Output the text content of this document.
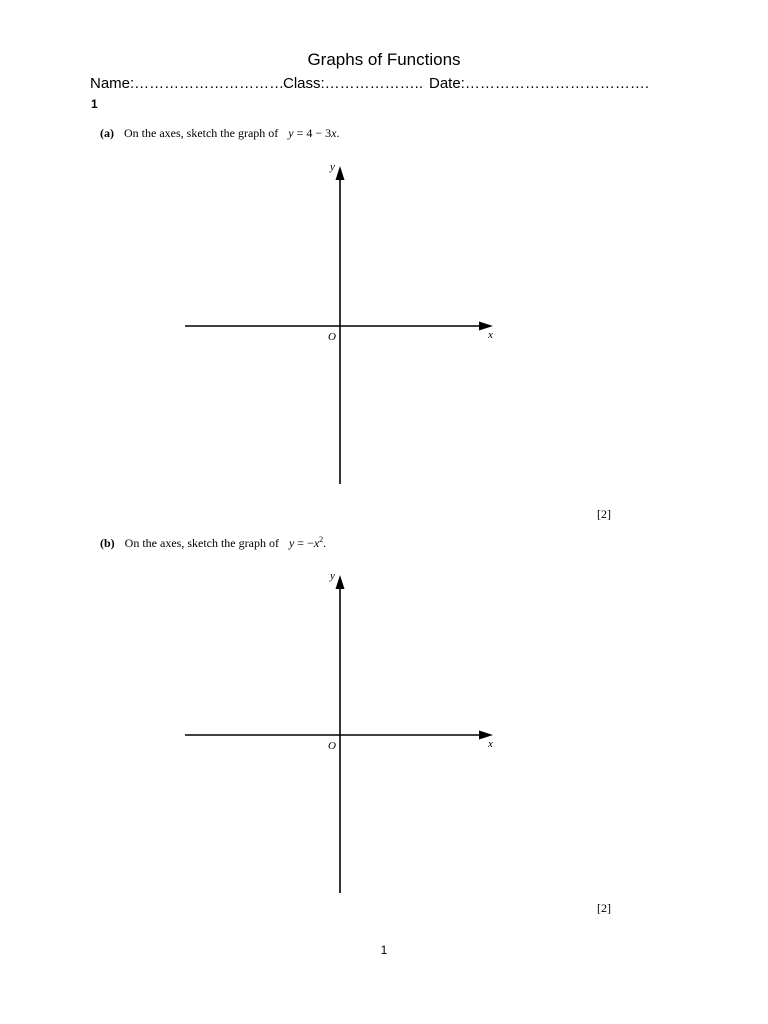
Graphs of Functions
Name:…………………………
Class:……………….. Date:……………………………….
1
(a) On the axes, sketch the graph of y = 4 − 3x.
y
x
O
[2]
(b) On the axes, sketch the graph of $y = -x^2$.
y
x
O
[2]
1
